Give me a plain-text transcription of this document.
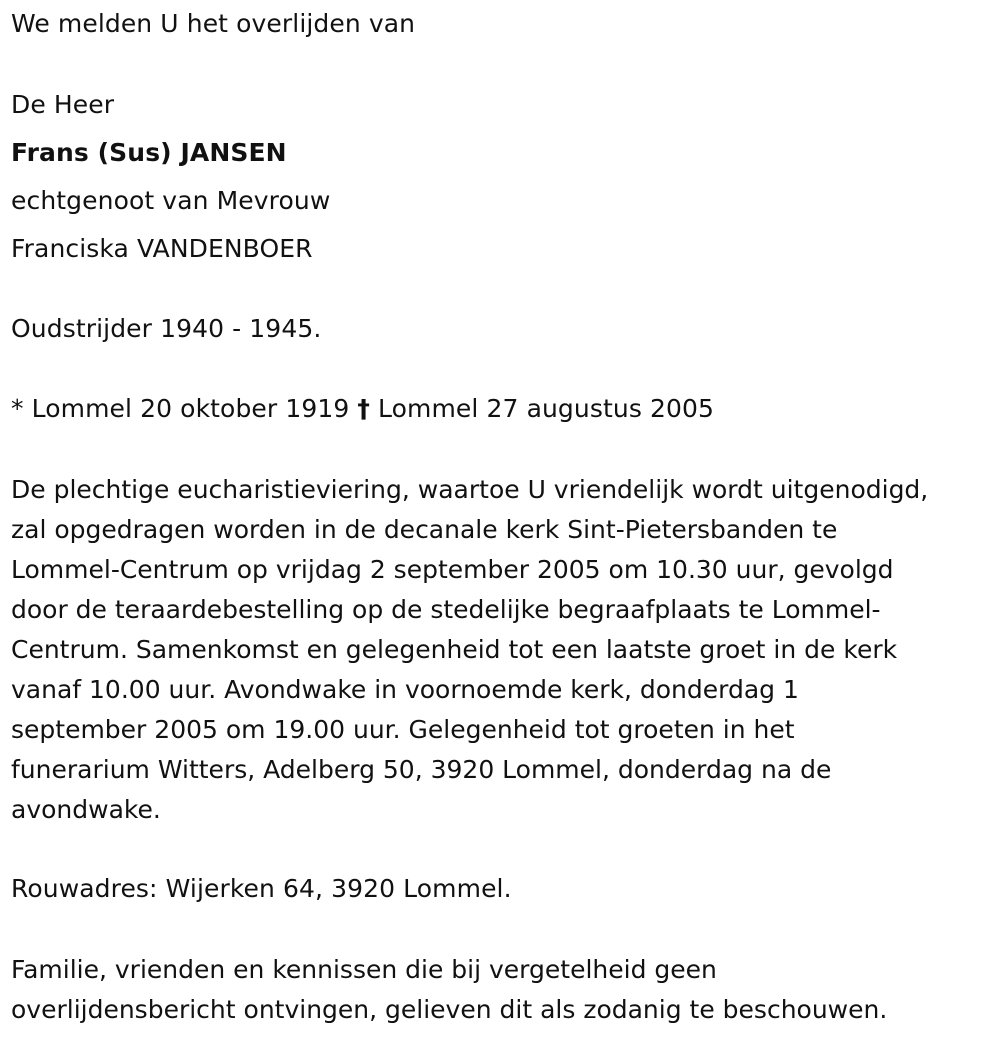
We melden U het overlijden van
De Heer
Frans (Sus) JANSEN
echtgenoot van Mevrouw
Franciska VANDENBOER
Oudstrijder 1940 - 1945.
* Lommel 20 oktober 1919 † Lommel 27 augustus 2005
De plechtige eucharistieviering, waartoe U vriendelijk wordt uitgenodigd,
zal opgedragen worden in de decanale kerk Sint-Pietersbanden te
Lommel-Centrum op vrijdag 2 september 2005 om 10.30 uur, gevolgd
door de teraardebestelling op de stedelijke begraafplaats te Lommel-
Centrum. Samenkomst en gelegenheid tot een laatste groet in de kerk
vanaf 10.00 uur. Avondwake in voornoemde kerk, donderdag 1
september 2005 om 19.00 uur. Gelegenheid tot groeten in het
funerarium Witters, Adelberg 50, 3920 Lommel, donderdag na de
avondwake.
Rouwadres: Wijerken 64, 3920 Lommel.
Familie, vrienden en kennissen die bij vergetelheid geen
overlijdensbericht ontvingen, gelieven dit als zodanig te beschouwen.
